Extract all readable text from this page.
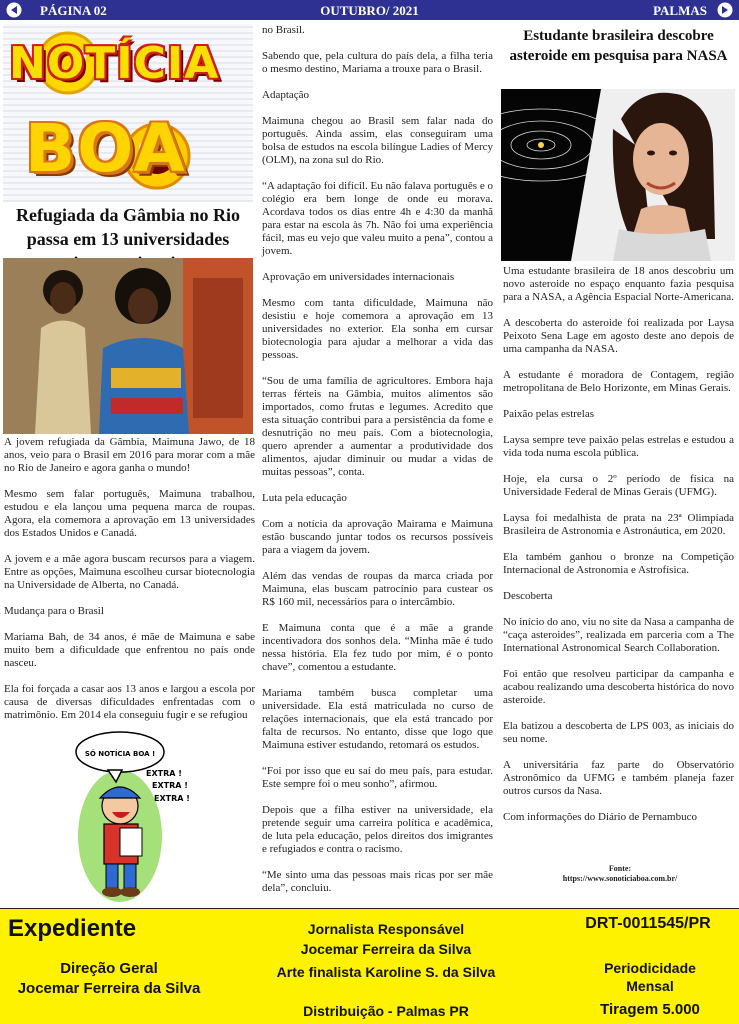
PÁGINA 02	OUTUBRO/ 2021	PALMAS
NOTÍCIA
BOA
Refugiada da Gâmbia no Rio passa em 13 universidades

A jovem refugiada da Gâmbia, Maimuna Jawo, de 18 anos, veio para o Brasil em 2016 para morar com a mãe no Rio de Janeiro e agora ganha o mundo!

Mesmo sem falar português, Maimuna trabalhou, estudou e ela lançou uma pequena marca de roupas. Agora, ela comemora a aprovação em 13 universidades dos Estados Unidos e Canadá.

A jovem e a mãe agora buscam recursos para a viagem. Entre as opções, Maimuna escolheu cursar biotecnologia na Universidade de Alberta, no Canadá.

Mudança para o Brasil

Mariama Bah, de 34 anos, é mãe de Maimuna e sabe muito bem a dificuldade que enfrentou no país onde nasceu.

Ela foi forçada a casar aos 13 anos e largou a escola por causa de diversas dificuldades enfrentadas com o matrimônio. Em 2014 ela conseguiu fugir e se refugiou

SÓ NOTÍCIA BOA !
EXTRA !
EXTRA !
EXTRA !

no Brasil.

Sabendo que, pela cultura do país dela, a filha teria o mesmo destino, Mariama a trouxe para o Brasil.

Adaptação

Maimuna chegou ao Brasil sem falar nada do português. Ainda assim, elas conseguiram uma bolsa de estudos na escola bilíngue Ladies of Mercy (OLM), na zona sul do Rio.

“A adaptação foi difícil. Eu não falava português e o colégio era bem longe de onde eu morava. Acordava todos os dias entre 4h e 4:30 da manhã para estar na escola às 7h. Não foi uma experiência fácil, mas eu vejo que valeu muito a pena”, contou a jovem.

Aprovação em universidades internacionais

Mesmo com tanta dificuldade, Maimuna não desistiu e hoje comemora a aprovação em 13 universidades no exterior. Ela sonha em cursar biotecnologia para ajudar a melhorar a vida das pessoas.

“Sou de uma família de agricultores. Embora haja terras férteis na Gâmbia, muitos alimentos são importados, como frutas e legumes. Acredito que esta situação contribui para a persistência da fome e desnutrição no meu país. Com a biotecnologia, quero aprender a aumentar a produtividade dos alimentos, ajudar diminuir ou mudar a vidas de muitas pessoas”, conta.

Luta pela educação

Com a notícia da aprovação Mairama e Maimuna estão buscando juntar todos os recursos possíveis para a viagem da jovem.

Além das vendas de roupas da marca criada por Maimuna, elas buscam patrocínio para custear os R$ 160 mil, necessários para o intercâmbio.

E Maimuna conta que é a mãe a grande incentivadora dos sonhos dela. “Minha mãe é tudo nessa história. Ela fez tudo por mim, é o ponto chave”, comentou a estudante.

Mariama também busca completar uma universidade. Ela está matriculada no curso de relações internacionais, que ela está trancado por falta de recursos. No entanto, disse que logo que Maimuna estiver estudando, retomará os estudos.

“Foi por isso que eu saí do meu país, para estudar. Este sempre foi o meu sonho”, afirmou.

Depois que a filha estiver na universidade, ela pretende seguir uma carreira política e acadêmica, de luta pela educação, pelos direitos dos imigrantes e refugiados e contra o racismo.

“Me sinto uma das pessoas mais ricas por ser mãe dela”, concluiu.

Estudante brasileira descobre asteroide em pesquisa para NASA

Uma estudante brasileira de 18 anos descobriu um novo asteroide no espaço enquanto fazia pesquisa para a NASA, a Agência Espacial Norte-Americana.

A descoberta do asteroide foi realizada por Laysa Peixoto Sena Lage em agosto deste ano depois de uma campanha da NASA.

A estudante é moradora de Contagem, região metropolitana de Belo Horizonte, em Minas Gerais.

Paixão pelas estrelas

Laysa sempre teve paixão pelas estrelas e estudou a vida toda numa escola pública.

Hoje, ela cursa o 2º período de física na Universidade Federal de Minas Gerais (UFMG).

Laysa foi medalhista de prata na 23ª Olimpíada Brasileira de Astronomia e Astronáutica, em 2020.

Ela também ganhou o bronze na Competição Internacional de Astronomia e Astrofísica.

Descoberta

No início do ano, viu no site da Nasa a campanha de “caça asteroides”, realizada em parceria com a The International Astronomical Search Collaboration.

Foi então que resolveu participar da campanha e acabou realizando uma descoberta histórica do novo asteroide.

Ela batizou a descoberta de LPS 003, as iniciais do seu nome.

A universitária faz parte do Observatório Astronômico da UFMG e também planeja fazer outros cursos da Nasa.

Com informações do Diário de Pernambuco

Fonte:
https://www.sonoticiaboa.com.br/
Expediente
Direção Geral
Jocemar Ferreira da Silva
Jornalista Responsável
Jocemar Ferreira da Silva
Arte finalista Karoline S. da Silva
Distribuição - Palmas PR
DRT-0011545/PR
Periodicidade
Mensal
Tiragem 5.000
